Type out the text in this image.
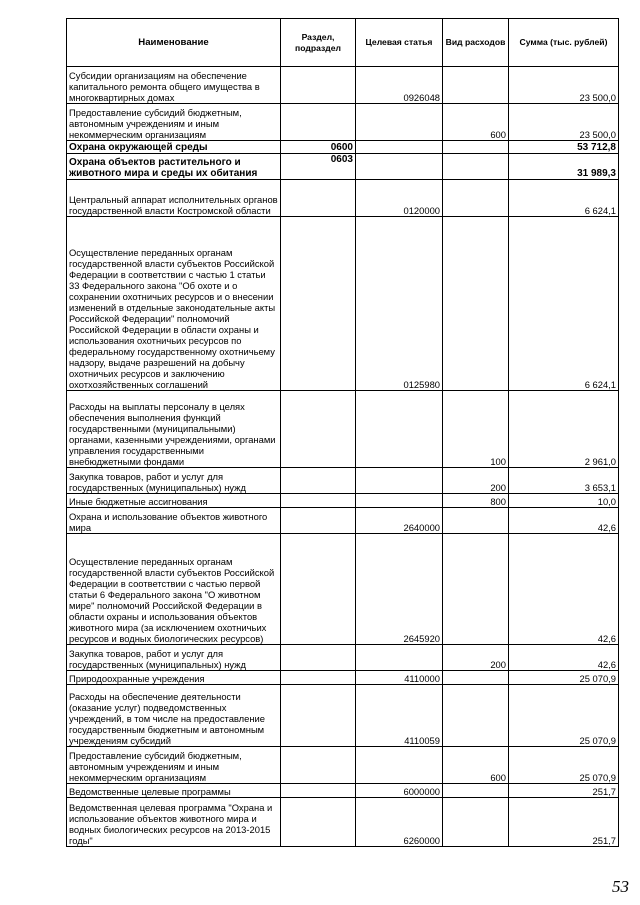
Наименование	Раздел, подраздел	Целевая статья	Вид расходов	Сумма (тыс. рублей)
Субсидии организациям на обеспечение капитального ремонта общего имущества в многоквартирных домах		0926048		23 500,0
Предоставление субсидий бюджетным, автономным учреждениям и иным некоммерческим организациям			600	23 500,0
Охрана окружающей среды	0600			53 712,8
Охрана объектов растительного и животного мира и среды их обитания	0603			31 989,3
Центральный аппарат исполнительных органов государственной власти Костромской области		0120000		6 624,1
Осуществление переданных органам государственной власти субъектов Российской Федерации в соответствии с частью 1 статьи 33 Федерального закона "Об охоте и о сохранении охотничьих ресурсов и о внесении изменений в отдельные законодательные акты Российской Федерации" полномочий Российской Федерации в области охраны и использования охотничьих ресурсов по федеральному государственному охотничьему надзору, выдаче разрешений на добычу охотничьих ресурсов и заключению охотхозяйственных соглашений		0125980		6 624,1
Расходы на выплаты персоналу в целях обеспечения выполнения функций государственными (муниципальными) органами, казенными учреждениями, органами управления государственными внебюджетными фондами			100	2 961,0
Закупка товаров, работ и услуг для государственных (муниципальных) нужд			200	3 653,1
Иные бюджетные ассигнования			800	10,0
Охрана и использование объектов животного мира		2640000		42,6
Осуществление переданных органам государственной власти субъектов Российской Федерации в соответствии с частью первой статьи 6 Федерального закона "О животном мире" полномочий Российской Федерации в области охраны и использования объектов животного мира (за исключением охотничьих ресурсов и водных биологических ресурсов)		2645920		42,6
Закупка товаров, работ и услуг для государственных (муниципальных) нужд			200	42,6
Природоохранные учреждения		4110000		25 070,9
Расходы на обеспечение деятельности (оказание услуг) подведомственных учреждений, в том числе на предоставление государственным бюджетным и автономным учреждениям субсидий		4110059		25 070,9
Предоставление субсидий бюджетным, автономным учреждениям и иным некоммерческим организациям			600	25 070,9
Ведомственные целевые программы		6000000		251,7
Ведомственная целевая программа "Охрана и использование объектов животного мира и водных биологических ресурсов на 2013-2015 годы"		6260000		251,7
53
